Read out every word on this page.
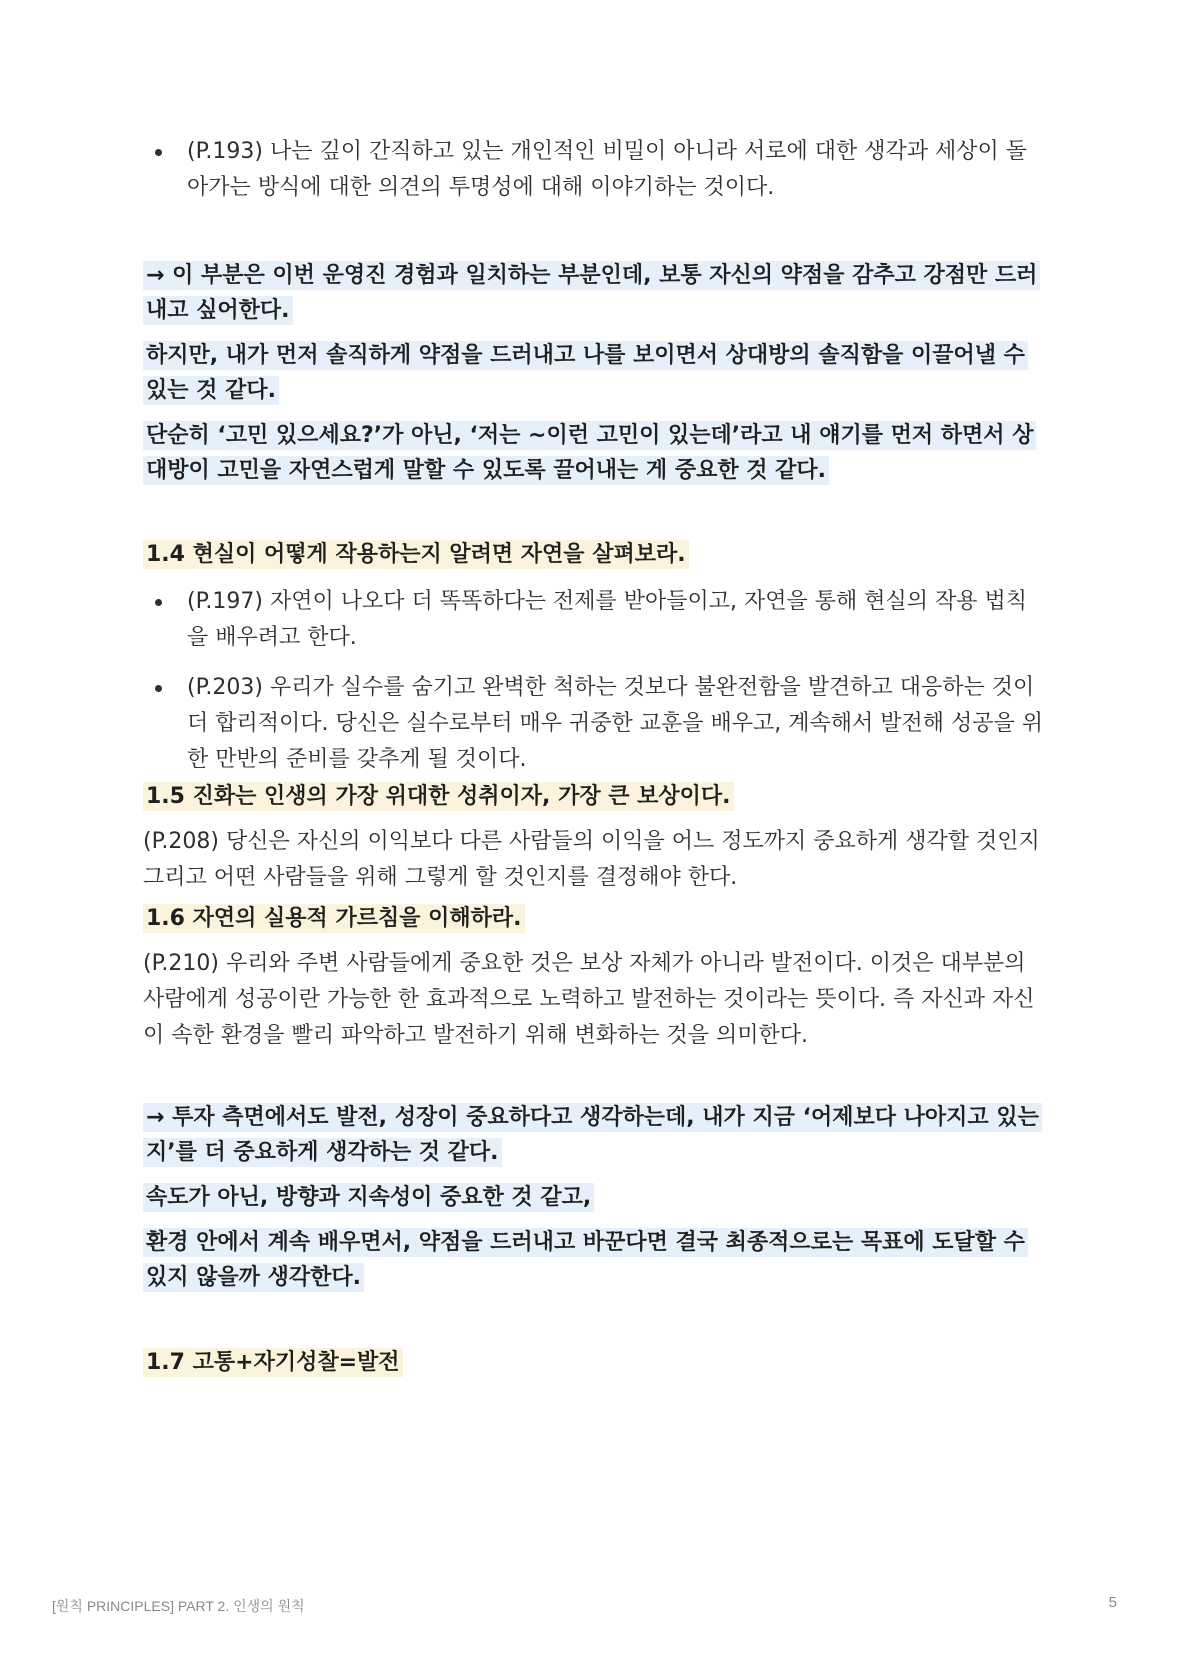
(P.193) 나는 깊이 간직하고 있는 개인적인 비밀이 아니라 서로에 대한 생각과 세상이 돌아가는 방식에 대한 의견의 투명성에 대해 이야기하는 것이다.

→ 이 부분은 이번 운영진 경험과 일치하는 부분인데, 보통 자신의 약점을 감추고 강점만 드러내고 싶어한다.

하지만, 내가 먼저 솔직하게 약점을 드러내고 나를 보이면서 상대방의 솔직함을 이끌어낼 수 있는 것 같다.

단순히 ‘고민 있으세요?’가 아닌, ‘저는 ~이런 고민이 있는데’라고 내 얘기를 먼저 하면서 상대방이 고민을 자연스럽게 말할 수 있도록 끌어내는 게 중요한 것 같다.

1.4 현실이 어떻게 작용하는지 알려면 자연을 살펴보라.

(P.197) 자연이 나오다 더 똑똑하다는 전제를 받아들이고, 자연을 통해 현실의 작용 법칙을 배우려고 한다.
(P.203) 우리가 실수를 숨기고 완벽한 척하는 것보다 불완전함을 발견하고 대응하는 것이 더 합리적이다. 당신은 실수로부터 매우 귀중한 교훈을 배우고, 계속해서 발전해 성공을 위한 만반의 준비를 갖추게 될 것이다.

1.5 진화는 인생의 가장 위대한 성취이자, 가장 큰 보상이다.

(P.208) 당신은 자신의 이익보다 다른 사람들의 이익을 어느 정도까지 중요하게 생각할 것인지 그리고 어떤 사람들을 위해 그렇게 할 것인지를 결정해야 한다.

1.6 자연의 실용적 가르침을 이해하라.

(P.210) 우리와 주변 사람들에게 중요한 것은 보상 자체가 아니라 발전이다. 이것은 대부분의 사람에게 성공이란 가능한 한 효과적으로 노력하고 발전하는 것이라는 뜻이다. 즉 자신과 자신이 속한 환경을 빨리 파악하고 발전하기 위해 변화하는 것을 의미한다.

→ 투자 측면에서도 발전, 성장이 중요하다고 생각하는데, 내가 지금 ‘어제보다 나아지고 있는지’를 더 중요하게 생각하는 것 같다.

속도가 아닌, 방향과 지속성이 중요한 것 같고,

환경 안에서 계속 배우면서, 약점을 드러내고 바꾼다면 결국 최종적으로는 목표에 도달할 수 있지 않을까 생각한다.

1.7 고통+자기성찰=발전

[원칙 PRINCIPLES] PART 2. 인생의 원칙	5
